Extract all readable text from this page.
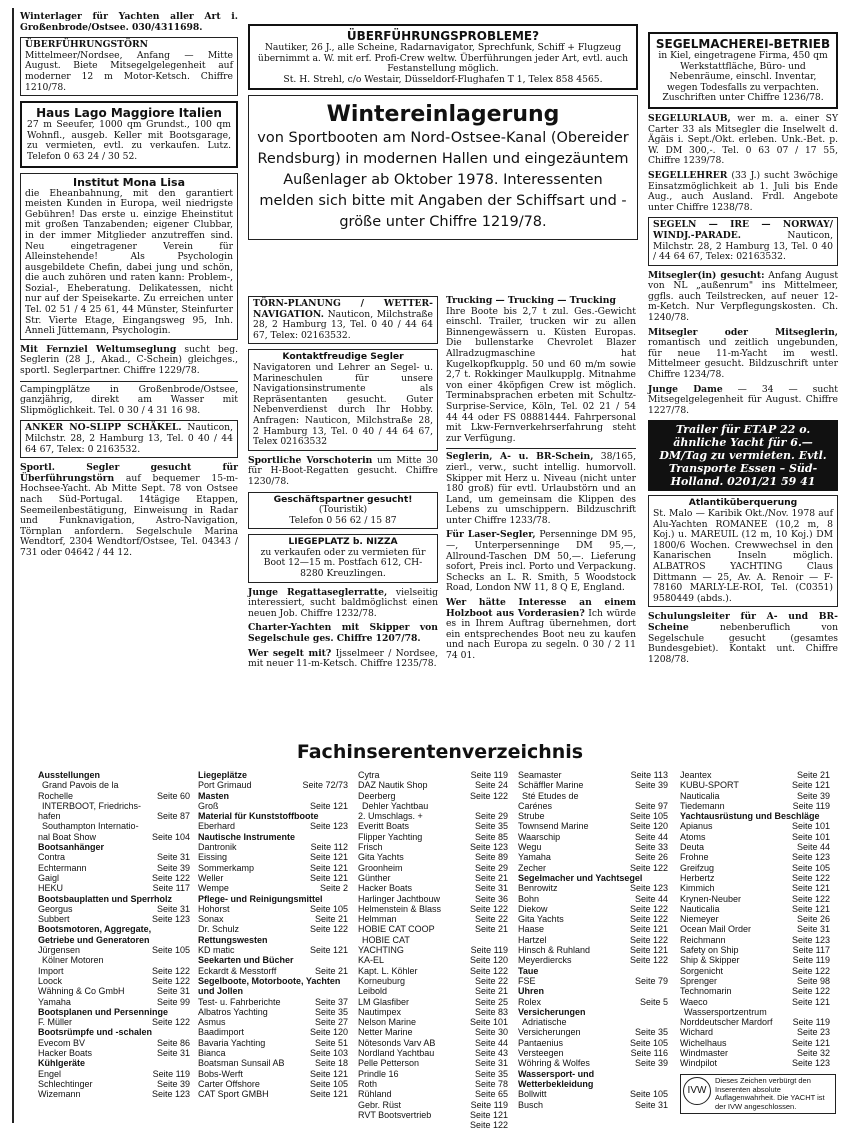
Winterlager für Yachten aller Art i. Großenbrode/Ostsee. 030/4311698.
ÜBERFÜHRUNGSTÖRN Mittelmeer/Nordsee, Anfang — Mitte August. Biete Mitsegelgelegenheit auf moderner 12 m Motor-Ketsch. Chiffre 1210/78.
Haus Lago Maggiore Italien
27 m Seeufer, 1000 qm Grundst., 100 qm Wohnfl., ausgeb. Keller mit Bootsgarage, zu vermieten, evtl. zu verkaufen. Lutz. Telefon 0 63 24 / 30 52.
Institut Mona Lisa
die Eheanbahnung, mit den garantiert meisten Kunden in Europa, weil niedrigste Gebühren! Das erste u. einzige Eheinstitut mit großen Tanzabenden; eigener Clubbar, in der immer Mitglieder anzutreffen sind. Neu eingetragener Verein für Alleinstehende! Als Psychologin ausgebildete Chefin, dabei jung und schön, die auch zuhören und raten kann: Problem-, Sozial-, Eheberatung. Delikatessen, nicht nur auf der Speisekarte. Zu erreichen unter Tel. 02 51 / 4 25 61, 44 Münster, Steinfurter Str. Vierte Etage, Eingangsweg 95, Inh. Anneli Jüttemann, Psychologin.
Mit Fernziel Weltumseglung sucht beg. Seglerin (28 J., Akad., C-Schein) gleichges., sportl. Seglerpartner. Chiffre 1229/78.
Campingplätze in Großenbrode/Ostsee, ganzjährig, direkt am Wasser mit Slipmöglichkeit. Tel. 0 30 / 4 31 16 98.
ANKER NO-SLIPP SCHÄKEL. Nauticon, Milchstr. 28, 2 Hamburg 13, Tel. 0 40 / 44 64 67, Telex: 0 2163532.
Sportl. Segler gesucht für Überführungstörn auf bequemer 15-m-Hochsee-Yacht. Ab Mitte Sept. 78 von Ostsee nach Süd-Portugal. 14tägige Etappen, Seemeilenbestätigung, Einweisung in Radar und Funknavigation, Astro-Navigation, Törnplan anfordern. Segelschule Marina Wendtorf, 2304 Wendtorf/Ostsee, Tel. 04343 / 731 oder 04642 / 44 12.
ÜBERFÜHRUNGSPROBLEME?
Nautiker, 26 J., alle Scheine, Radarnavigator, Sprechfunk, Schiff + Flugzeug übernimmt a. W. mit erf. Profi-Crew weltw. Überführungen jeder Art, evtl. auch Festanstellung möglich.
St. H. Strehl, c/o Westair, Düsseldorf-Flughafen T 1, Telex 858 4565.
Wintereinlagerung
von Sportbooten am Nord-Ostsee-Kanal (Obereider Rendsburg) in modernen Hallen und eingezäuntem Außenlager ab Oktober 1978. Interessenten melden sich bitte mit Angaben der Schiffsart und -größe unter Chiffre 1219/78.
TÖRN-PLANUNG / WETTER-NAVIGATION. Nauticon, Milchstraße 28, 2 Hamburg 13, Tel. 0 40 / 44 64 67, Telex: 02163532.
Kontaktfreudige Segler
Navigatoren und Lehrer an Segel- u. Marineschulen für unsere Navigationsinstrumente als Repräsentanten gesucht. Guter Nebenverdienst durch Ihr Hobby. Anfragen: Nauticon, Milchstraße 28, 2 Hamburg 13, Tel. 0 40 / 44 64 67, Telex 02163532
Sportliche Vorschoterin um Mitte 30 für H-Boot-Regatten gesucht. Chiffre 1230/78.
Geschäftspartner gesucht!
(Touristik)
Telefon 0 56 62 / 15 87
LIEGEPLATZ b. NIZZA
zu verkaufen oder zu vermieten für Boot 12—15 m. Postfach 612, CH-8280 Kreuzlingen.
Junge Regattaseglerratte, vielseitig interessiert, sucht baldmöglichst einen neuen Job. Chiffre 1232/78.
Charter-Yachten mit Skipper von Segelschule ges. Chiffre 1207/78.
Wer segelt mit? Ijsselmeer / Nordsee, mit neuer 11-m-Ketsch. Chiffre 1235/78.
Trucking — Trucking — Trucking
Ihre Boote bis 2,7 t zul. Ges.-Gewicht einschl. Trailer, trucken wir zu allen Binnengewässern u. Küsten Europas. Die bullenstarke Chevrolet Blazer Allradzugmaschine hat Kugelkopfkupplg. 50 und 60 m/m sowie 2,7 t. Rokkinger Maulkupplg. Mitnahme von einer 4köpfigen Crew ist möglich. Terminabsprachen erbeten mit Schultz-Surprise-Service, Köln, Tel. 02 21 / 54 44 44 oder FS 08881444. Fahrpersonal mit Lkw-Fernverkehrserfahrung steht zur Verfügung.
Seglerin, A- u. BR-Schein, 38/165, zierl., verw., sucht intellig. humorvoll. Skipper mit Herz u. Niveau (nicht unter 180 groß) für evtl. Urlaubstörn und an Land, um gemeinsam die Klippen des Lebens zu umschippern. Bildzuschrift unter Chiffre 1233/78.
Für Laser-Segler, Persenninge DM 95,—, Unterpersenninge DM 95,—, Allround-Taschen DM 50,—. Lieferung sofort, Preis incl. Porto und Verpackung. Schecks an L. R. Smith, 5 Woodstock Road, London NW 11, 8 Q E, England.
Wer hätte Interesse an einem Holzboot aus Vorderasien? Ich würde es in Ihrem Auftrag übernehmen, dort ein entsprechendes Boot neu zu kaufen und nach Europa zu segeln. 0 30 / 2 11 74 01.
SEGELMACHEREI-BETRIEB
in Kiel, eingetragene Firma, 450 qm Werkstattfläche, Büro- und Nebenräume, einschl. Inventar, wegen Todesfalls zu verpachten. Zuschriften unter Chiffre 1236/78.
SEGELURLAUB, wer m. a. einer SY Carter 33 als Mitsegler die Inselwelt d. Ägäis i. Sept./Okt. erleben. Unk.-Bet. p. W. DM 300,-. Tel. 0 63 07 / 17 55, Chiffre 1239/78.
SEGELLEHRER (33 J.) sucht 3wöchige Einsatzmöglichkeit ab 1. Juli bis Ende Aug., auch Ausland. Frdl. Angebote unter Chiffre 1238/78.
SEGELN — IRE — NORWAY/ WINDJ.-PARADE.	Nauticon, Milchstr. 28, 2 Hamburg 13, Tel. 0 40 / 44 64 67, Telex: 02163532.
Mitsegler(in) gesucht: Anfang August von NL „außenrum" ins Mittelmeer, ggfls. auch Teilstrecken, auf neuer 12-m-Ketch. Nur Verpflegungskosten. Ch. 1240/78.
Mitsegler oder Mitseglerin, romantisch und zeitlich ungebunden, für neue 11-m-Yacht im westl. Mittelmeer gesucht. Bildzuschrift unter Chiffre 1234/78.
Junge Dame — 34 — sucht Mitsegelgelegenheit für August. Chiffre 1227/78.
Trailer für ETAP 22 o. ähnliche Yacht für 6.—DM/Tag zu vermieten. Evtl. Transporte Essen – Süd-Holland. 0201/21 59 41
Atlantiküberquerung
St. Malo — Karibik Okt./Nov. 1978 auf Alu-Yachten ROMANEE (10,2 m, 8 Koj.) u. MAREUIL (12 m, 10 Koj.) DM 1800/6 Wochen. Crewwechsel in den Kanarischen Inseln möglich. ALBATROS YACHTING Claus Dittmann — 25, Av. A. Renoir — F-78160 MARLY-LE-ROI, Tel. (C0351) 9580449 (abds.).
Schulungsleiter für A- und BR-Scheine	nebenberuflich von Segelschule gesucht (gesamtes Bundesgebiet). Kontakt unt. Chiffre 1208/78.
Fachinserentenverzeichnis
Ausstellungen
Grand Pavois de la
Rochelle	Seite 60
INTERBOOT, Friedrichs-
hafen	Seite 87
Southampton Internatio-
nal Boat Show	Seite 104
Bootsanhänger
Contra	Seite 31
Echtermann	Seite 39
Gaigl	Seite 122
HEKU	Seite 117
Bootsbauplatten und Sperrholz
Georgus	Seite 31
Subbert	Seite 123
Bootsmotoren, Aggregate, Getriebe und Generatoren
Jürgensen	Seite 105
Kölner Motoren
Import	Seite 122
Loock	Seite 122
Wähning & Co GmbH	Seite 31
Yamaha	Seite 99
Bootsplanen und Persenninge
F. Müller	Seite 122
Bootsrümpfe und -schalen
Evecom BV	Seite 86
Hacker Boats	Seite 31
Kühlgeräte
Engel	Seite 119
Schlechtinger	Seite 39
Wizemann	Seite 123
Liegeplätze
Port Grimaud	Seite 72/73
Masten
Groß	Seite 121
Material für Kunststoffboote
Eberhard	Seite 123
Nautische Instrumente
Dantronik	Seite 112
Eissing	Seite 121
Sommerkamp	Seite 121
Weller	Seite 121
Wempe	Seite 2
Pflege- und Reinigungsmittel
Hohorst	Seite 105
Sonax	Seite 21
Dr. Schulz	Seite 122
Rettungswesten
KD matic	Seite 121
Seekarten und Bücher
Eckardt & Messtorff	Seite 21
Segelboote, Motorboote, Yachten und Jollen
Test- u. Fahrberichte	Seite 37
Albatros Yachting	Seite 35
Asmus	Seite 27
Baadimport	Seite 120
Bavaria Yachting	Seite 51
Bianca	Seite 103
Boatsman Sunsail AB	Seite 18
Bobs-Werft	Seite 121
Carter Offshore	Seite 105
CAT Sport GMBH	Seite 121
Cytra	Seite 119
DAZ Nautik Shop	Seite 24
Deerberg	Seite 122
Dehler Yachtbau
2. Umschlags. +	Seite 29
Everitt Boats	Seite 35
Flipper Yachting	Seite 85
Frisch	Seite 123
Gita Yachts	Seite 89
Groonheim	Seite 29
Günther	Seite 21
Hacker Boats	Seite 31
Harlinger Jachtbouw	Seite 36
Helmenstein & Blass	Seite 122
Helmman	Seite 22
HOBIE CAT COOP	Seite 21
HOBIE CAT
YACHTING	Seite 119
KA-EL	Seite 120
Kapt. L. Köhler	Seite 122
Korneuburg	Seite 22
Leibold	Seite 21
LM Glasfiber	Seite 25
Nautimpex	Seite 83
Nelson Marine	Seite 101
Netter Marine	Seite 30
Nötesonds Varv AB	Seite 44
Nordland Yachtbau	Seite 43
Pelle Petterson	Seite 31
Prindle 16	Seite 35
Roth	Seite 78
Rühland	Seite 65
Gebr. Rüst	Seite 119
RVT Bootsvertrieb	Seite 121
Seite 122
Seamaster	Seite 113
Schäffler Marine	Seite 39
Sté Etudes de
Carénes	Seite 97
Strube	Seite 105
Townsend Marine	Seite 120
Waarschip	Seite 44
Wegu	Seite 33
Yamaha	Seite 26
Zecher	Seite 122
Segelmacher und Yachtsegel
Benrowitz	Seite 123
Bohn	Seite 44
Diekow	Seite 122
Gita Yachts	Seite 122
Haase	Seite 121
Hartzel	Seite 122
Hinsch & Ruhland	Seite 121
Meyerdiercks	Seite 122
Taue
FSE	Seite 79
Uhren
Rolex	Seite 5
Versicherungen
Adriatische
Versicherungen	Seite 35
Pantaenius	Seite 105
Versteegen	Seite 116
Wöhring & Wolfes	Seite 39
Wassersport- und Wetterbekleidung
Bollwitt	Seite 105
Busch	Seite 31
Jeantex	Seite 21
KUBU-SPORT	Seite 121
Nauticalia	Seite 39
Tiedemann	Seite 119
Yachtausrüstung und Beschläge
Apianus	Seite 101
Atoms	Seite 101
Deuta	Seite 44
Frohne	Seite 123
Greifzug	Seite 105
Herbertz	Seite 122
Kimmich	Seite 121
Krynen-Neuber	Seite 122
Nauticalia	Seite 121
Niemeyer	Seite 26
Ocean Mail Order	Seite 31
Reichmann	Seite 123
Safety on Ship	Seite 117
Ship & Skipper	Seite 119
Sorgenicht	Seite 122
Sprenger	Seite 98
Technomarin	Seite 122
Waeco	Seite 121
Wassersportzentrum
Norddeutscher Mardorf	Seite 119
Wichard	Seite 23
Wichelhaus	Seite 121
Windmaster	Seite 32
Windpilot	Seite 123
IVW
Dieses Zeichen verbürgt den Inserenten absolute Auflagenwahrheit. Die YACHT ist der IVW angeschlossen.
